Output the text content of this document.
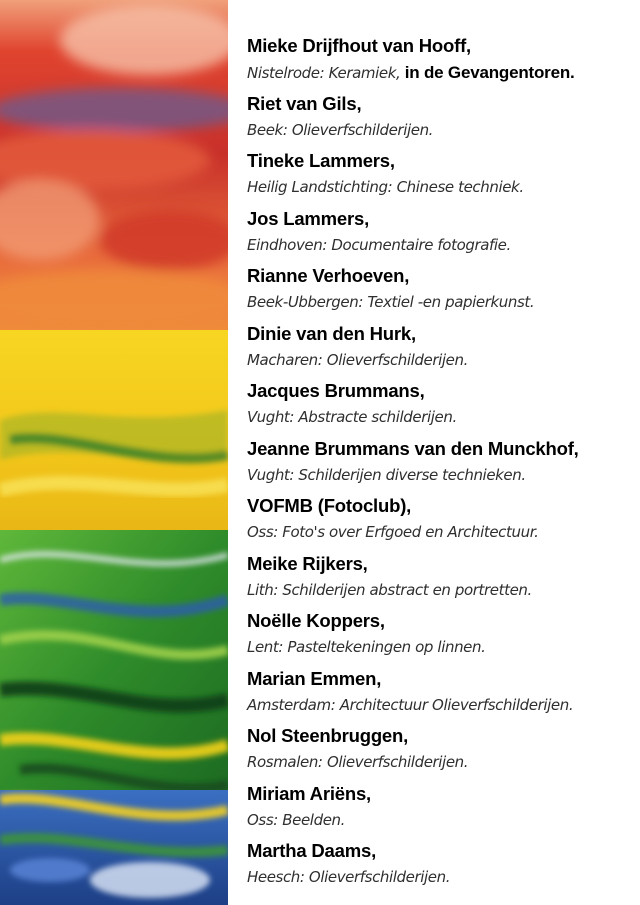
Mieke Drijfhout van Hooff,
Nistelrode: Keramiek, in de Gevangentoren.
Riet van Gils,
Beek: Olieverfschilderijen.
Tineke Lammers,
Heilig Landstichting: Chinese techniek.
Jos Lammers,
Eindhoven: Documentaire fotografie.
Rianne Verhoeven,
Beek-Ubbergen: Textiel -en papierkunst.
Dinie van den Hurk,
Macharen: Olieverfschilderijen.
Jacques Brummans,
Vught: Abstracte schilderijen.
Jeanne Brummans van den Munckhof,
Vught: Schilderijen diverse technieken.
VOFMB (Fotoclub),
Oss: Foto's over Erfgoed en Architectuur.
Meike Rijkers,
Lith: Schilderijen abstract en portretten.
Noëlle Koppers,
Lent: Pasteltekeningen op linnen.
Marian Emmen,
Amsterdam: Architectuur Olieverfschilderijen.
Nol Steenbruggen,
Rosmalen: Olieverfschilderijen.
Miriam Ariëns,
Oss: Beelden.
Martha Daams,
Heesch: Olieverfschilderijen.
